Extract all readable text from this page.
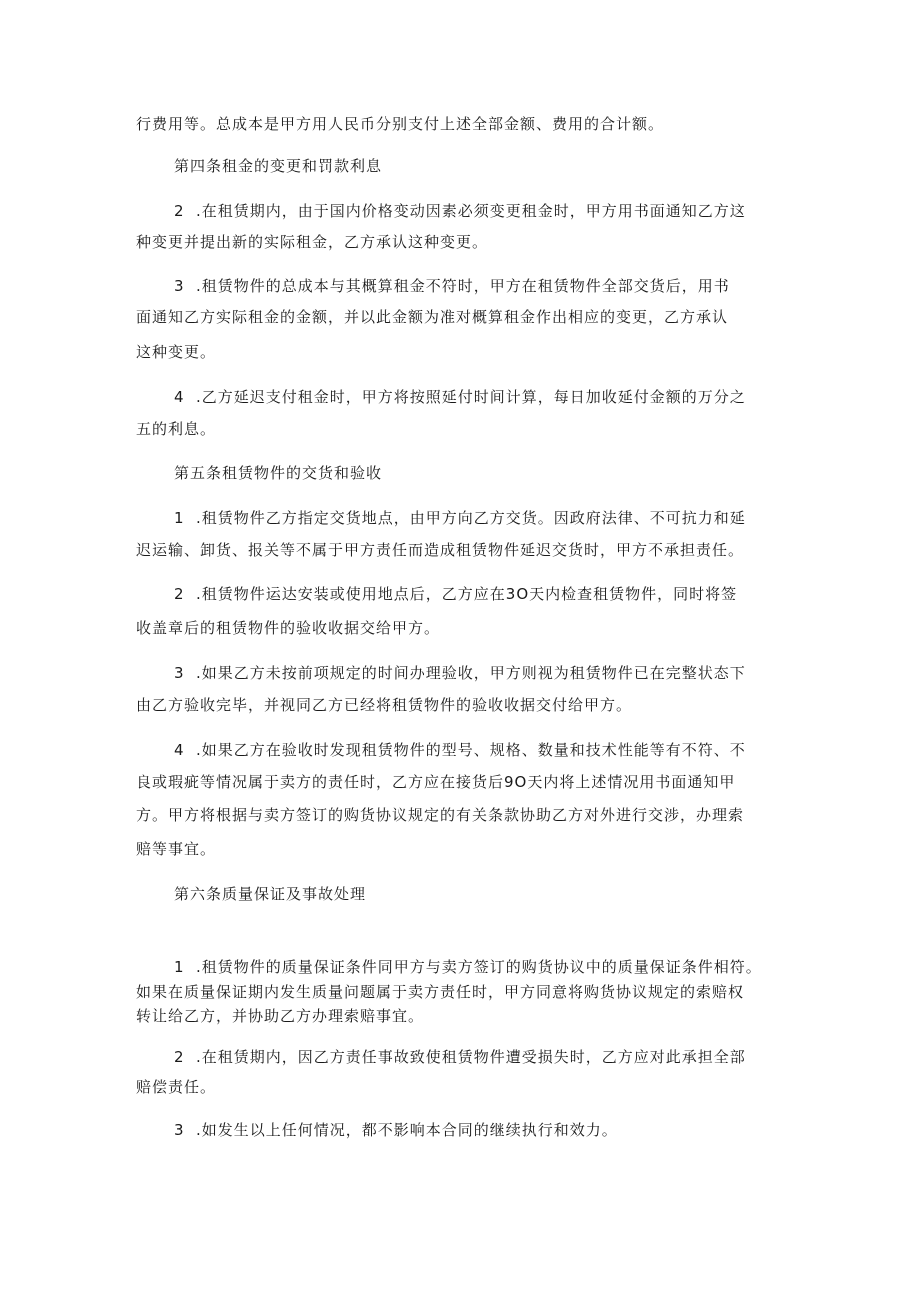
行费用等。总成本是甲方用人民币分别支付上述全部金额、费用的合计额。

第四条租金的变更和罚款利息

2 .在租赁期内，由于国内价格变动因素必须变更租金时，甲方用书面通知乙方这

种变更并提出新的实际租金，乙方承认这种变更。

3 .租赁物件的总成本与其概算租金不符时，甲方在租赁物件全部交货后，用书

面通知乙方实际租金的金额，并以此金额为准对概算租金作出相应的变更，乙方承认

这种变更。

4 .乙方延迟支付租金时，甲方将按照延付时间计算，每日加收延付金额的万分之

五的利息。

第五条租赁物件的交货和验收

1 .租赁物件乙方指定交货地点，由甲方向乙方交货。因政府法律、不可抗力和延

迟运输、卸货、报关等不属于甲方责任而造成租赁物件延迟交货时，甲方不承担责任。

2 .租赁物件运达安装或使用地点后，乙方应在3O天内检查租赁物件，同时将签

收盖章后的租赁物件的验收收据交给甲方。

3 .如果乙方未按前项规定的时间办理验收，甲方则视为租赁物件已在完整状态下

由乙方验收完毕，并视同乙方已经将租赁物件的验收收据交付给甲方。

4 .如果乙方在验收时发现租赁物件的型号、规格、数量和技术性能等有不符、不

良或瑕疵等情况属于卖方的责任时，乙方应在接货后9O天内将上述情况用书面通知甲

方。甲方将根据与卖方签订的购货协议规定的有关条款协助乙方对外进行交涉，办理索

赔等事宜。

第六条质量保证及事故处理

1 .租赁物件的质量保证条件同甲方与卖方签订的购货协议中的质量保证条件相符。

如果在质量保证期内发生质量问题属于卖方责任时，甲方同意将购货协议规定的索赔权

转让给乙方，并协助乙方办理索赔事宜。

2 .在租赁期内，因乙方责任事故致使租赁物件遭受损失时，乙方应对此承担全部

赔偿责任。

3 .如发生以上任何情况，都不影响本合同的继续执行和效力。
